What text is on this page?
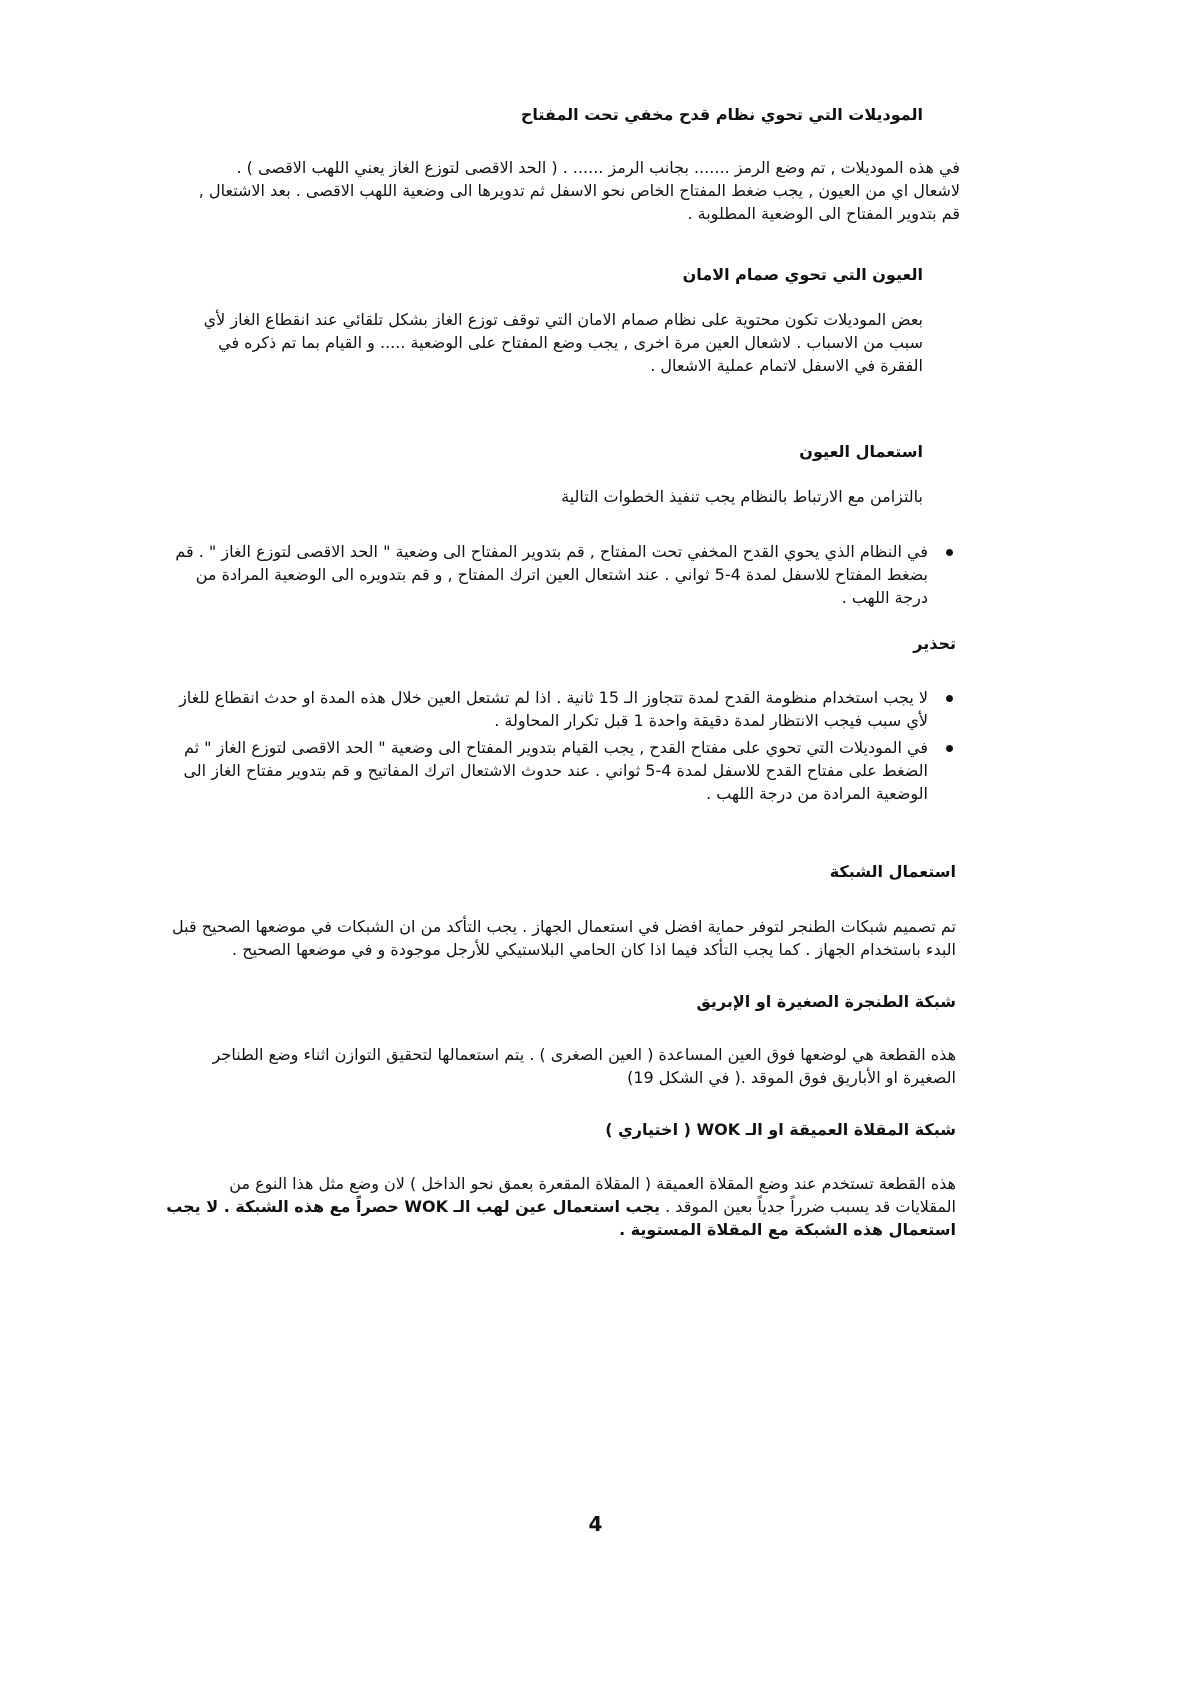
الموديلات التي تحوي نظام قدح مخفي تحت المفتاح

في هذه الموديلات , تم وضع الرمز ....... بجانب الرمز ...... . ( الحد الاقصى لتوزع الغاز يعني اللهب الاقصى ) . لاشعال اي من العيون , يجب ضغط المفتاح الخاص نحو الاسفل ثم تدويرها الى وضعية اللهب الاقصى . بعد الاشتعال , قم بتدوير المفتاح الى الوضعية المطلوبة .

العيون التي تحوي صمام الامان

بعض الموديلات تكون محتوية على نظام صمام الامان التي توقف توزع الغاز بشكل تلقائي عند انقطاع الغاز لأي سبب من الاسباب . لاشعال العين مرة اخرى , يجب وضع المفتاح على الوضعية ..... و القيام بما تم ذكره في الفقرة في الاسفل لاتمام عملية الاشعال .

استعمال العيون

بالتزامن مع الارتباط بالنظام يجب تنفيذ الخطوات التالية

في النظام الذي يحوي القدح المخفي تحت المفتاح , قم بتدوير المفتاح الى وضعية " الحد الاقصى لتوزع الغاز " . قم بضغط المفتاح للاسفل لمدة 4-5 ثواني . عند اشتعال العين اترك المفتاح , و قم بتدويره الى الوضعية المرادة من درجة اللهب .

تحذير

لا يجب استخدام منظومة القدح لمدة تتجاوز الـ 15 ثانية . اذا لم تشتعل العين خلال هذه المدة او حدث انقطاع للغاز لأي سبب فيجب الانتظار لمدة دقيقة واحدة 1 قبل تكرار المحاولة .
في الموديلات التي تحوي على مفتاح القدح , يجب القيام بتدوير المفتاح الى وضعية " الحد الاقصى لتوزع الغاز " ثم الضغط على مفتاح القدح للاسفل لمدة 4-5 ثواني . عند حدوث الاشتعال اترك المفاتيح و قم بتدوير مفتاح الغاز الى الوضعية المرادة من درجة اللهب .

استعمال الشبكة

تم تصميم شبكات الطنجر لتوفر حماية افضل في استعمال الجهاز . يجب التأكد من ان الشبكات في موضعها الصحيح قبل البدء باستخدام الجهاز . كما يجب التأكد فيما اذا كان الحامي البلاستيكي للأرجل موجودة و في موضعها الصحيح .

شبكة الطنجرة الصغيرة او الإبريق

هذه القطعة هي لوضعها فوق العين المساعدة ( العين الصغرى ) . يتم استعمالها لتحقيق التوازن اثناء وضع الطناجر الصغيرة او الأباريق فوق الموقد .( في الشكل 19)

شبكة المقلاة العميقة او الـ WOK ( اختياري )

هذه القطعة تستخدم عند وضع المقلاة العميقة ( المقلاة المقعرة بعمق نحو الداخل ) لان وضع مثل هذا النوع من المقلايات قد يسبب ضرراً جدياً بعين الموقد . يجب استعمال عين لهب الـ WOK حصراً مع هذه الشبكة . لا يجب استعمال هذه الشبكة مع المقلاة المستوية .

4
